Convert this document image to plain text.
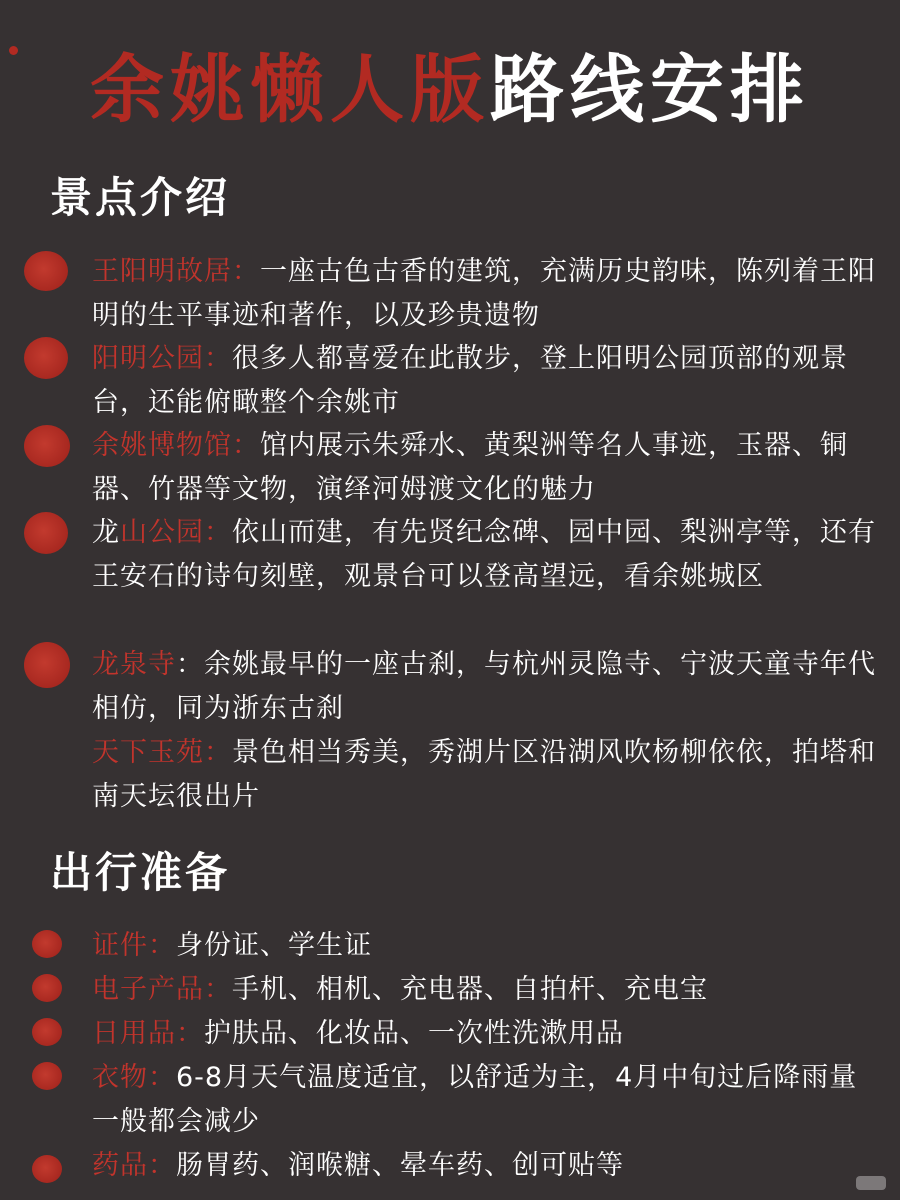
余姚懒人版路线安排
景点介绍
王阳明故居：一座古色古香的建筑，充满历史韵味，陈列着王阳明的生平事迹和著作，以及珍贵遗物
阳明公园：很多人都喜爱在此散步，登上阳明公园顶部的观景台，还能俯瞰整个余姚市
余姚博物馆：馆内展示朱舜水、黄梨洲等名人事迹，玉器、铜器、竹器等文物，演绎河姆渡文化的魅力
龙山公园：依山而建，有先贤纪念碑、园中园、梨洲亭等，还有王安石的诗句刻壁，观景台可以登高望远，看余姚城区
龙泉寺：余姚最早的一座古刹，与杭州灵隐寺、宁波天童寺年代相仿，同为浙东古刹
天下玉苑：景色相当秀美，秀湖片区沿湖风吹杨柳依依，拍塔和南天坛很出片
出行准备
证件：身份证、学生证
电子产品：手机、相机、充电器、自拍杆、充电宝
日用品：护肤品、化妆品、一次性洗漱用品
衣物：6-8月天气温度适宜，以舒适为主，4月中旬过后降雨量一般都会减少
药品：肠胃药、润喉糖、晕车药、创可贴等
